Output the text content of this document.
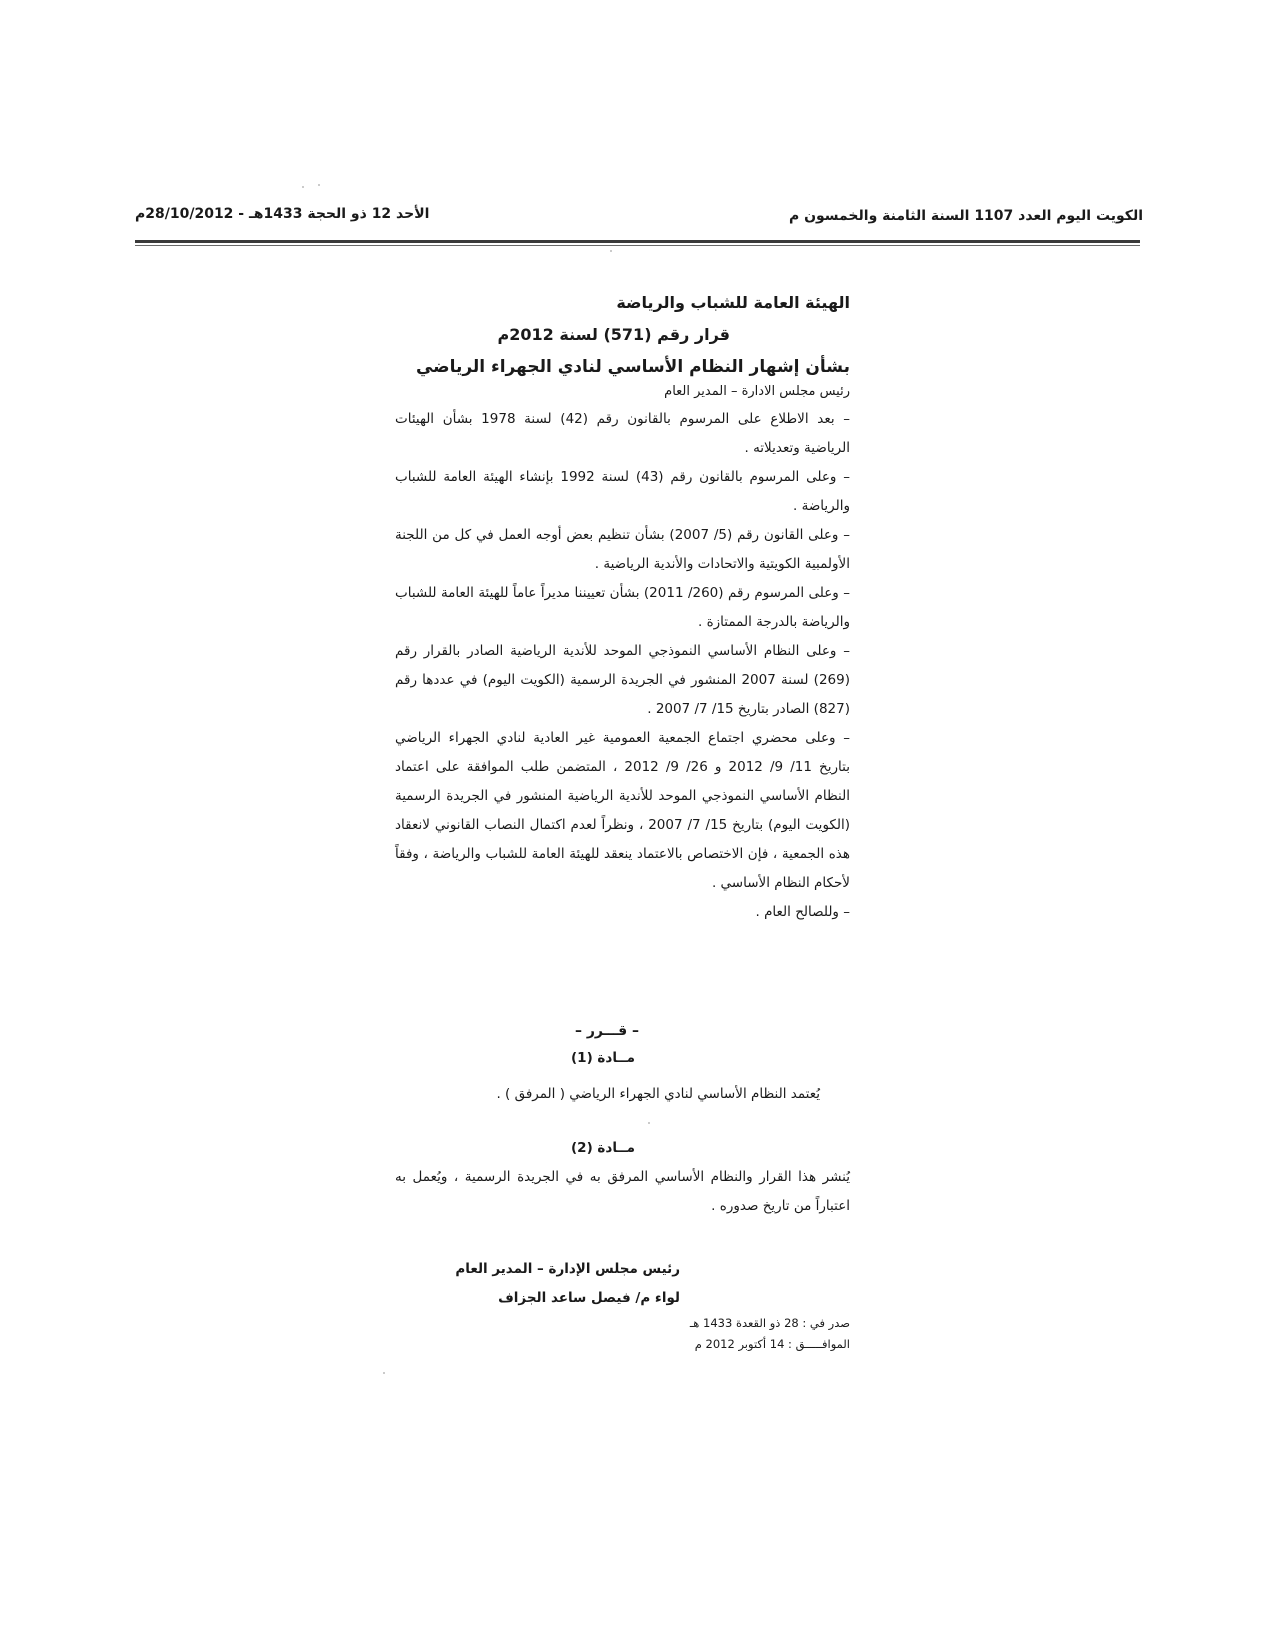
الكويت اليوم العدد 1107 السنة الثامنة والخمسون م
الأحد 12 ذو الحجة 1433هـ - 28/10/2012م
الهيئة العامة للشباب والرياضة
قرار رقم (571) لسنة 2012م
بشأن إشهار النظام الأساسي لنادي الجهراء الرياضي
رئيس مجلس الادارة – المدير العام
– بعد الاطلاع على المرسوم بالقانون رقم (42) لسنة 1978 بشأن الهيئات الرياضية وتعديلاته .
– وعلى المرسوم بالقانون رقم (43) لسنة 1992 بإنشاء الهيئة العامة للشباب والرياضة .
– وعلى القانون رقم (5/ 2007) بشأن تنظيم بعض أوجه العمل في كل من اللجنة الأولمبية الكويتية والاتحادات والأندية الرياضية .
– وعلى المرسوم رقم (260/ 2011) بشأن تعييننا مديراً عاماً للهيئة العامة للشباب والرياضة بالدرجة الممتازة .
– وعلى النظام الأساسي النموذجي الموحد للأندية الرياضية الصادر بالقرار رقم (269) لسنة 2007 المنشور في الجريدة الرسمية (الكويت اليوم) في عددها رقم (827) الصادر بتاريخ 15/ 7/ 2007 .
– وعلى محضري اجتماع الجمعية العمومية غير العادية لنادي الجهراء الرياضي بتاريخ 11/ 9/ 2012 و 26/ 9/ 2012 ، المتضمن طلب الموافقة على اعتماد النظام الأساسي النموذجي الموحد للأندية الرياضية المنشور في الجريدة الرسمية (الكويت اليوم) بتاريخ 15/ 7/ 2007 ، ونظراً لعدم اكتمال النصاب القانوني لانعقاد هذه الجمعية ، فإن الاختصاص بالاعتماد ينعقد للهيئة العامة للشباب والرياضة ، وفقاً لأحكام النظام الأساسي .
– وللصالح العام .
– قـــرر –
مــادة (1)

يُعتمد النظام الأساسي لنادي الجهراء الرياضي ( المرفق ) .

مــادة (2)

يُنشر هذا القرار والنظام الأساسي المرفق به في الجريدة الرسمية ، ويُعمل به اعتباراً من تاريخ صدوره .

رئيس مجلس الإدارة – المدير العام
لواء م/ فيصل ساعد الجزاف
صدر في : 28 ذو القعدة 1433 هـ
الموافـــــق : 14 أكتوبر 2012 م
